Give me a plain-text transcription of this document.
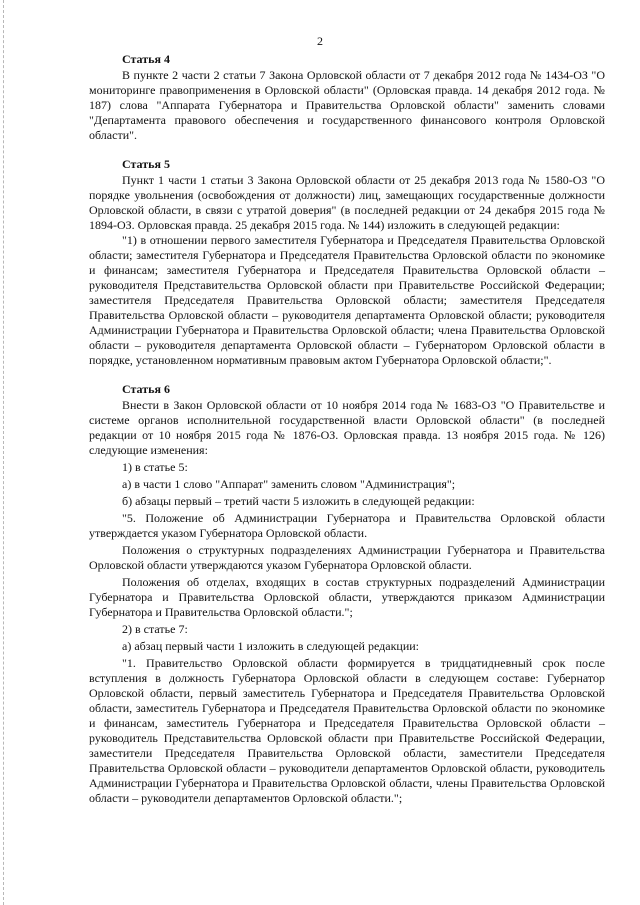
2
Статья 4

В пункте 2 части 2 статьи 7 Закона Орловской области от 7 декабря 2012 года № 1434-ОЗ "О мониторинге правоприменения в Орловской области" (Орловская правда. 14 декабря 2012 года. № 187) слова "Аппарата Губернатора и Правительства Орловской области" заменить словами "Департамента правового обеспечения и государственного финансового контроля Орловской области".

Статья 5

Пункт 1 части 1 статьи 3 Закона Орловской области от 25 декабря 2013 года № 1580-ОЗ "О порядке увольнения (освобождения от должности) лиц, замещающих государственные должности Орловской области, в связи с утратой доверия" (в последней редакции от 24 декабря 2015 года № 1894-ОЗ. Орловская правда. 25 декабря 2015 года. № 144) изложить в следующей редакции:

"1) в отношении первого заместителя Губернатора и Председателя Правительства Орловской области; заместителя Губернатора и Председателя Правительства Орловской области по экономике и финансам; заместителя Губернатора и Председателя Правительства Орловской области – руководителя Представительства Орловской области при Правительстве Российской Федерации; заместителя Председателя Правительства Орловской области; заместителя Председателя Правительства Орловской области – руководителя департамента Орловской области; руководителя Администрации Губернатора и Правительства Орловской области; члена Правительства Орловской области – руководителя департамента Орловской области – Губернатором Орловской области в порядке, установленном нормативным правовым актом Губернатора Орловской области;".

Статья 6

Внести в Закон Орловской области от 10 ноября 2014 года № 1683-ОЗ "О Правительстве и системе органов исполнительной государственной власти Орловской области" (в последней редакции от 10 ноября 2015 года № 1876-ОЗ. Орловская правда. 13 ноября 2015 года. № 126) следующие изменения:

1) в статье 5:

а) в части 1 слово "Аппарат" заменить словом "Администрация";

б) абзацы первый – третий части 5 изложить в следующей редакции:

"5. Положение об Администрации Губернатора и Правительства Орловской области утверждается указом Губернатора Орловской области.

Положения о структурных подразделениях Администрации Губернатора и Правительства Орловской области утверждаются указом Губернатора Орловской области.

Положения об отделах, входящих в состав структурных подразделений Администрации Губернатора и Правительства Орловской области, утверждаются приказом Администрации Губернатора и Правительства Орловской области.";

2) в статье 7:

а) абзац первый части 1 изложить в следующей редакции:

"1. Правительство Орловской области формируется в тридцатидневный срок после вступления в должность Губернатора Орловской области в следующем составе: Губернатор Орловской области, первый заместитель Губернатора и Председателя Правительства Орловской области, заместитель Губернатора и Председателя Правительства Орловской области по экономике и финансам, заместитель Губернатора и Председателя Правительства Орловской области – руководитель Представительства Орловской области при Правительстве Российской Федерации, заместители Председателя Правительства Орловской области, заместители Председателя Правительства Орловской области – руководители департаментов Орловской области, руководитель Администрации Губернатора и Правительства Орловской области, члены Правительства Орловской области – руководители департаментов Орловской области.";
